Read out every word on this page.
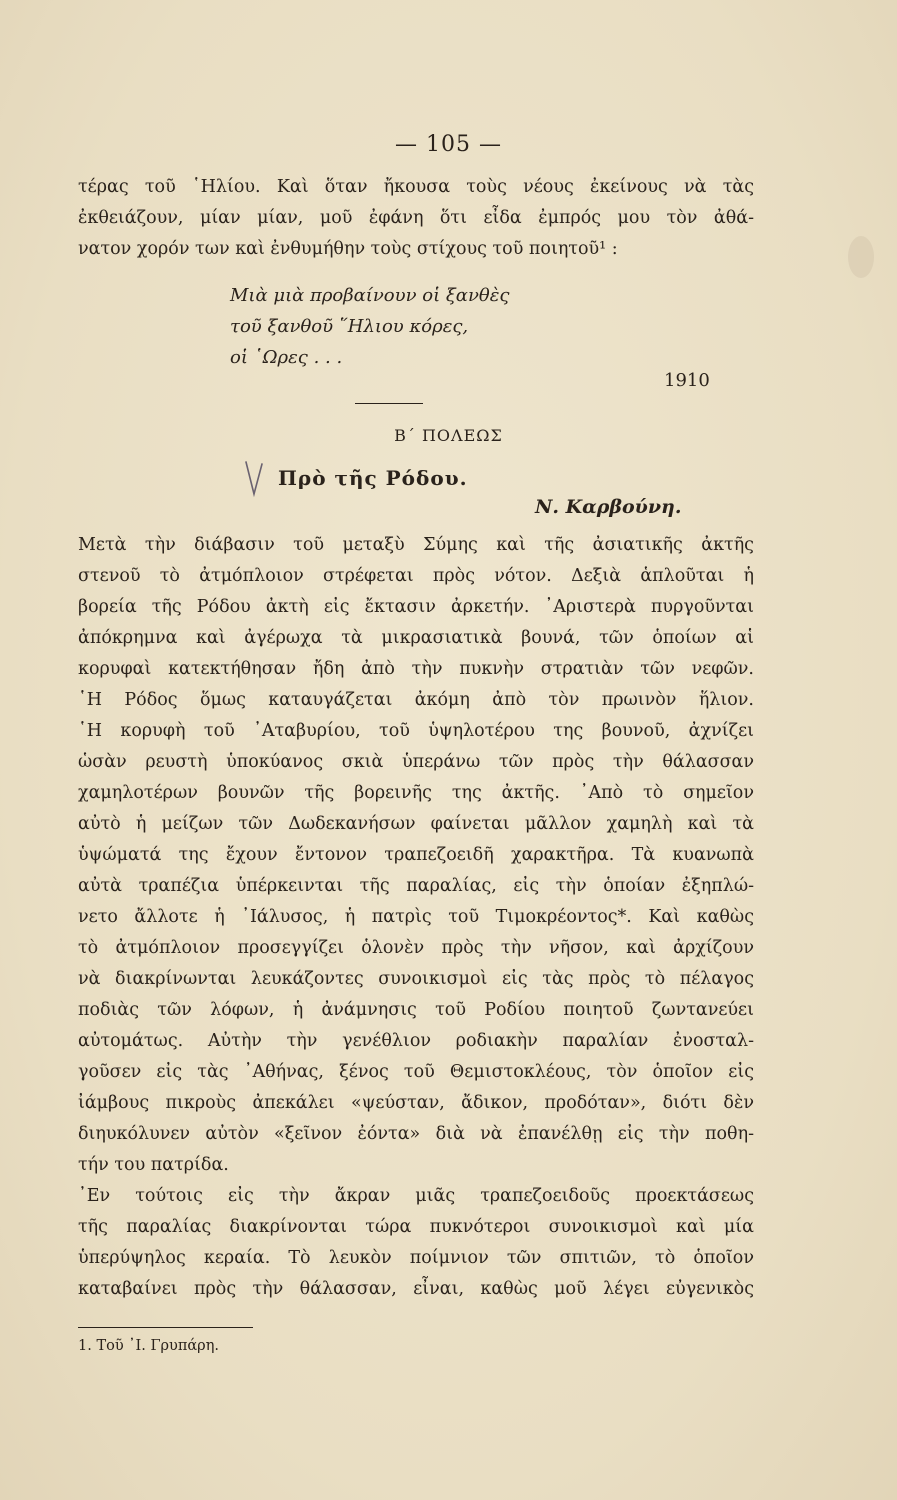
— 105 —
τέρας τοῦ ῾Ηλίου. Καὶ ὅταν ἤκουσα τοὺς νέους ἐκείνους νὰ τὰς
ἐκθειάζουν, μίαν μίαν, μοῦ ἐφάνη ὅτι εἶδα ἐμπρός μου τὸν ἀθά-
νατον χορόν των καὶ ἐνθυμήθην τοὺς στίχους τοῦ ποιητοῦ¹ :
Μιὰ μιὰ προβαίνουν οἱ ξανθὲς
τοῦ ξανθοῦ ῞Ηλιου κόρες,
οἱ ῾Ωρες . . .
1910
Β΄ ΠΟΛΕΩΣ
Πρὸ τῆς Ρόδου.
Ν. Καρβούνη.
Μετὰ τὴν διάβασιν τοῦ μεταξὺ Σύμης καὶ τῆς ἀσιατικῆς ἀκτῆς
στενοῦ τὸ ἀτμόπλοιον στρέφεται πρὸς νότον. Δεξιὰ ἁπλοῦται ἡ
βορεία τῆς Ρόδου ἀκτὴ εἰς ἔκτασιν ἀρκετήν. ᾿Αριστερὰ πυργοῦνται
ἀπόκρημνα καὶ ἀγέρωχα τὰ μικρασιατικὰ βουνά, τῶν ὁποίων αἱ
κορυφαὶ κατεκτήθησαν ἤδη ἀπὸ τὴν πυκνὴν στρατιὰν τῶν νεφῶν.
῾Η Ρόδος ὅμως καταυγάζεται ἀκόμη ἀπὸ τὸν πρωινὸν ἥλιον.
῾Η κορυφὴ τοῦ ᾿Αταβυρίου, τοῦ ὑψηλοτέρου της βουνοῦ, ἀχνίζει
ὡσὰν ρευστὴ ὑποκύανος σκιὰ ὑπεράνω τῶν πρὸς τὴν θάλασσαν
χαμηλοτέρων βουνῶν τῆς βορεινῆς της ἀκτῆς. ᾿Απὸ τὸ σημεῖον
αὐτὸ ἡ μείζων τῶν Δωδεκανήσων φαίνεται μᾶλλον χαμηλὴ καὶ τὰ
ὑψώματά της ἔχουν ἔντονον τραπεζοειδῆ χαρακτῆρα. Τὰ κυανωπὰ
αὐτὰ τραπέζια ὑπέρκεινται τῆς παραλίας, εἰς τὴν ὁποίαν ἐξηπλώ-
νετο ἄλλοτε ἡ ᾿Ιάλυσος, ἡ πατρὶς τοῦ Τιμοκρέοντος*. Καὶ καθὼς
τὸ ἀτμόπλοιον προσεγγίζει ὁλονὲν πρὸς τὴν νῆσον, καὶ ἀρχίζουν
νὰ διακρίνωνται λευκάζοντες συνοικισμοὶ εἰς τὰς πρὸς τὸ πέλαγος
ποδιὰς τῶν λόφων, ἡ ἀνάμνησις τοῦ Ροδίου ποιητοῦ ζωντανεύει
αὐτομάτως. Αὐτὴν τὴν γενέθλιον ροδιακὴν παραλίαν ἐνοσταλ-
γοῦσεν εἰς τὰς ᾿Αθήνας, ξένος τοῦ Θεμιστοκλέους, τὸν ὁποῖον εἰς
ἰάμβους πικροὺς ἀπεκάλει «ψεύσταν, ἄδικον, προδόταν», διότι δὲν
διηυκόλυνεν αὐτὸν «ξεῖνον ἐόντα» διὰ νὰ ἐπανέλθῃ εἰς τὴν ποθη-
τήν του πατρίδα.
᾿Εν τούτοις εἰς τὴν ἄκραν μιᾶς τραπεζοειδοῦς προεκτάσεως
τῆς παραλίας διακρίνονται τώρα πυκνότεροι συνοικισμοὶ καὶ μία
ὑπερύψηλος κεραία. Τὸ λευκὸν ποίμνιον τῶν σπιτιῶν, τὸ ὁποῖον
καταβαίνει πρὸς τὴν θάλασσαν, εἶναι, καθὼς μοῦ λέγει εὐγενικὸς
1. Τοῦ ᾿Ι. Γρυπάρη.
